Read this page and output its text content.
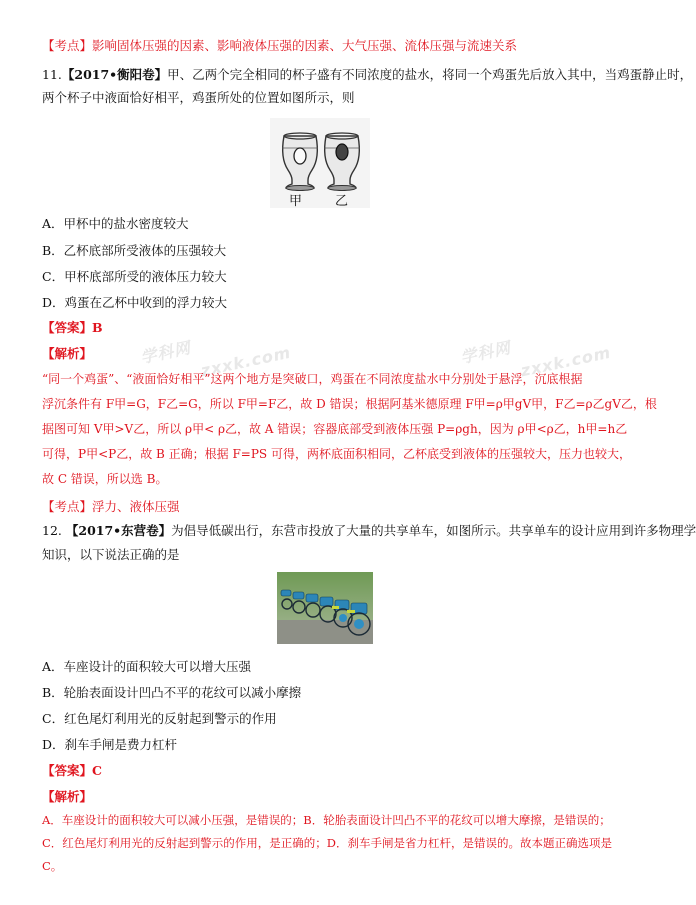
【考点】影响固体压强的因素、影响液体压强的因素、大气压强、流体压强与流速关系
11.【2017•衡阳卷】甲、乙两个完全相同的杯子盛有不同浓度的盐水，将同一个鸡蛋先后放入其中，当鸡蛋静止时，
两个杯子中液面恰好相平，鸡蛋所处的位置如图所示，则
甲	乙
A．甲杯中的盐水密度较大
B．乙杯底部所受液体的压强较大
C．甲杯底部所受的液体压力较大
D．鸡蛋在乙杯中收到的浮力较大
【答案】B
【解析】	学科网 zxxk.com	学科网 zxxk.com
“同一个鸡蛋”、“液面恰好相平”这两个地方是突破口，鸡蛋在不同浓度盐水中分别处于悬浮，沉底根据
浮沉条件有 F甲=G，F乙=G，所以 F甲=F乙，故 D 错误；根据阿基米德原理 F甲=ρ甲gV甲，F乙=ρ乙gV乙，根
据图可知 V甲>V乙，所以 ρ甲< ρ乙，故 A 错误；容器底部受到液体压强 P=ρgh，因为 ρ甲<ρ乙，h甲=h乙
可得，P甲<P乙，故 B 正确；根据 F=PS 可得，两杯底面积相同，乙杯底受到液体的压强较大，压力也较大，
故 C 错误，所以选 B。
【考点】浮力、液体压强
12. 【2017•东营卷】为倡导低碳出行，东营市投放了大量的共享单车，如图所示。共享单车的设计应用到许多物理学
知识，以下说法正确的是
A．车座设计的面积较大可以增大压强
B．轮胎表面设计凹凸不平的花纹可以减小摩擦
C．红色尾灯利用光的反射起到警示的作用
D．刹车手闸是费力杠杆
【答案】C
【解析】
A．车座设计的面积较大可以减小压强，是错误的；B．轮胎表面设计凹凸不平的花纹可以增大摩擦，是错误的；
C．红色尾灯利用光的反射起到警示的作用，是正确的；D．刹车手闸是省力杠杆，是错误的。故本题正确选项是
C。
